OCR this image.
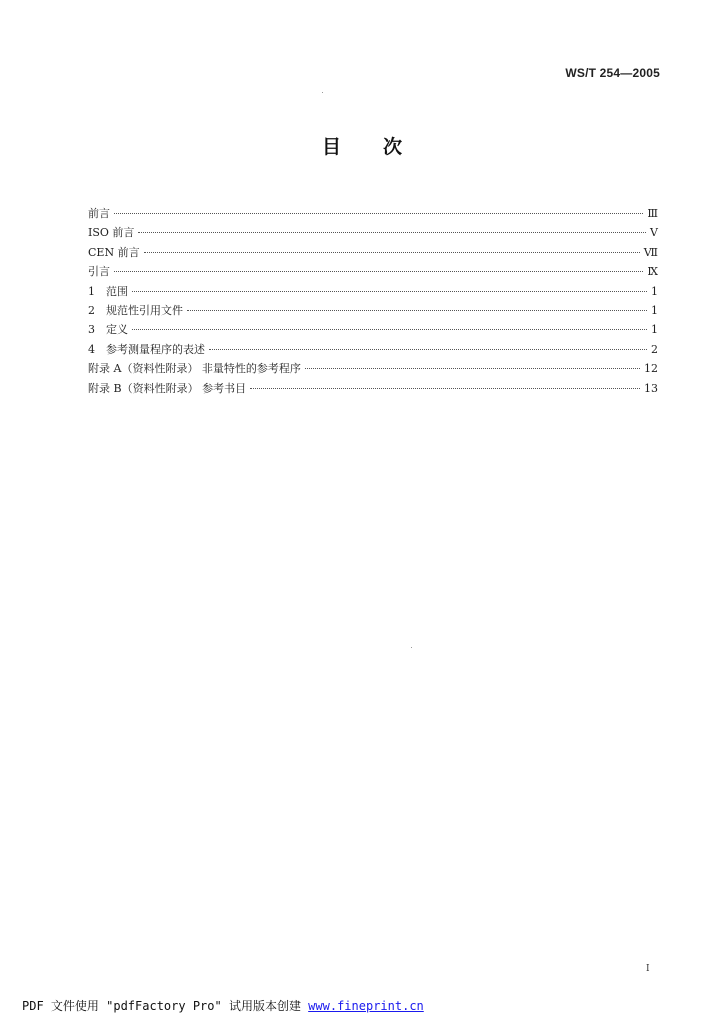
WS/T 254—2005
目 次
前言	Ⅲ
ISO 前言	Ⅴ
CEN 前言	Ⅶ
引言	Ⅸ
1 范围	1
2 规范性引用文件	1
3 定义	1
4 参考测量程序的表述	2
附录 A（资料性附录） 非量特性的参考程序	12
附录 B（资料性附录） 参考书目	13
Ⅰ
PDF 文件使用 "pdfFactory Pro" 试用版本创建 www.fineprint.cn
